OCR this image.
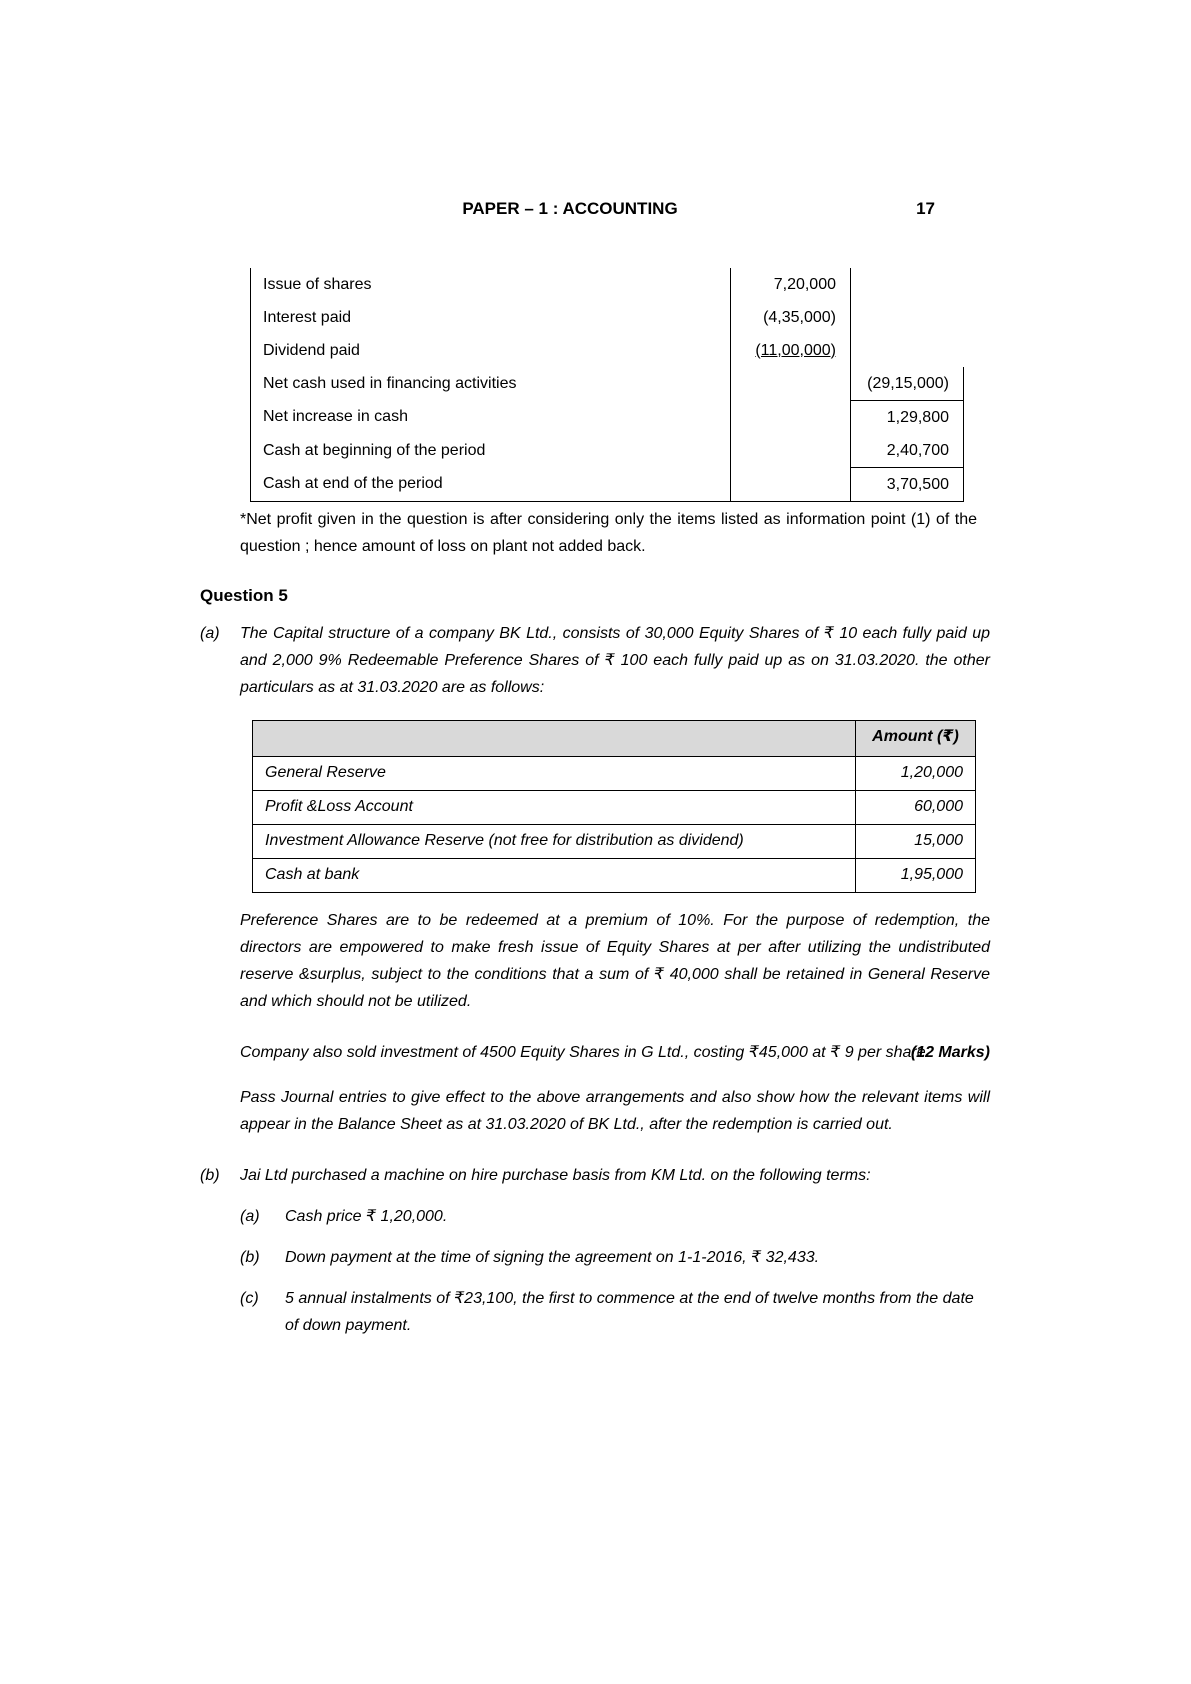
PAPER – 1 : ACCOUNTING	17
Issue of shares	7,20,000	
Interest paid	(4,35,000)	
Dividend paid	(11,00,000)	
Net cash used in financing activities		(29,15,000)
Net increase in cash		1,29,800
Cash at beginning of the period		2,40,700
Cash at end of the period		3,70,500
*Net profit given in the question is after considering only the items listed as information point (1) of the question ; hence amount of loss on plant not added back.
Question 5
(a)	The Capital structure of a company BK Ltd., consists of 30,000 Equity Shares of ₹ 10 each fully paid up and 2,000 9% Redeemable Preference Shares of ₹ 100 each fully paid up as on 31.03.2020. the other particulars as at 31.03.2020 are as follows:

	Amount (₹)
General Reserve	1,20,000
Profit &Loss Account	60,000
Investment Allowance Reserve (not free for distribution as dividend)	15,000
Cash at bank	1,95,000

Preference Shares are to be redeemed at a premium of 10%. For the purpose of redemption, the directors are empowered to make fresh issue of Equity Shares at per after utilizing the undistributed reserve &surplus, subject to the conditions that a sum of ₹ 40,000 shall be retained in General Reserve and which should not be utilized.

Company also sold investment of 4500 Equity Shares in G Ltd., costing ₹45,000 at ₹ 9 per share.

(12 Marks)

Pass Journal entries to give effect to the above arrangements and also show how the relevant items will appear in the Balance Sheet as at 31.03.2020 of BK Ltd., after the redemption is carried out.

(b)	Jai Ltd purchased a machine on hire purchase basis from KM Ltd. on the following terms:

(a)	Cash price ₹ 1,20,000.
(b)	Down payment at the time of signing the agreement on 1-1-2016, ₹ 32,433.
(c)	5 annual instalments of ₹23,100, the first to commence at the end of twelve months from the date of down payment.
